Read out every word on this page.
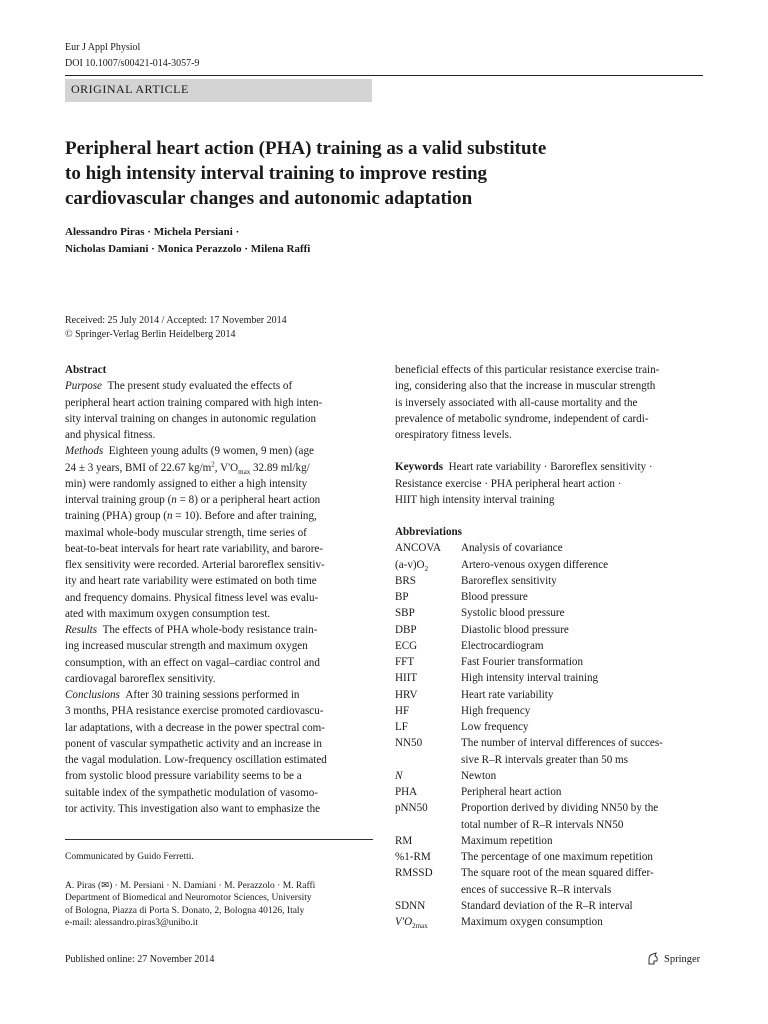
Eur J Appl Physiol
DOI 10.1007/s00421-014-3057-9
ORIGINAL ARTICLE
Peripheral heart action (PHA) training as a valid substitute
to high intensity interval training to improve resting
cardiovascular changes and autonomic adaptation
Alessandro Piras · Michela Persiani ·
Nicholas Damiani · Monica Perazzolo · Milena Raffi
Received: 25 July 2014 / Accepted: 17 November 2014
© Springer-Verlag Berlin Heidelberg 2014
Abstract
Purpose The present study evaluated the effects of
peripheral heart action training compared with high inten-
sity interval training on changes in autonomic regulation
and physical fitness.
Methods Eighteen young adults (9 women, 9 men) (age
24 ± 3 years, BMI of 22.67 $kg/m^2$, $V'O_{max}$ 32.89 ml/kg/
min) were randomly assigned to either a high intensity
interval training group (n = 8) or a peripheral heart action
training (PHA) group (n = 10). Before and after training,
maximal whole-body muscular strength, time series of
beat-to-beat intervals for heart rate variability, and barore-
flex sensitivity were recorded. Arterial baroreflex sensitiv-
ity and heart rate variability were estimated on both time
and frequency domains. Physical fitness level was evalu-
ated with maximum oxygen consumption test.
Results The effects of PHA whole-body resistance train-
ing increased muscular strength and maximum oxygen
consumption, with an effect on vagal–cardiac control and
cardiovagal baroreflex sensitivity.
Conclusions After 30 training sessions performed in
3 months, PHA resistance exercise promoted cardiovascu-
lar adaptations, with a decrease in the power spectral com-
ponent of vascular sympathetic activity and an increase in
the vagal modulation. Low-frequency oscillation estimated
from systolic blood pressure variability seems to be a
suitable index of the sympathetic modulation of vasomo-
tor activity. This investigation also want to emphasize the
Communicated by Guido Ferretti.
A. Piras (✉) · M. Persiani · N. Damiani · M. Perazzolo · M. Raffi
Department of Biomedical and Neuromotor Sciences, University
of Bologna, Piazza di Porta S. Donato, 2, Bologna 40126, Italy
e-mail: alessandro.piras3@unibo.it
beneficial effects of this particular resistance exercise train-
ing, considering also that the increase in muscular strength
is inversely associated with all-cause mortality and the
prevalence of metabolic syndrome, independent of cardi-
orespiratory fitness levels.
Keywords Heart rate variability · Baroreflex sensitivity ·
Resistance exercise · PHA peripheral heart action ·
HIIT high intensity interval training
Abbreviations
ANCOVA	Analysis of covariance
$(a-v)O_2$	Artero-venous oxygen difference
BRS	Baroreflex sensitivity
BP	Blood pressure
SBP	Systolic blood pressure
DBP	Diastolic blood pressure
ECG	Electrocardiogram
FFT	Fast Fourier transformation
HIIT	High intensity interval training
HRV	Heart rate variability
HF	High frequency
LF	Low frequency
NN50	The number of interval differences of succes-
sive R–R intervals greater than 50 ms
N	Newton
PHA	Peripheral heart action
pNN50	Proportion derived by dividing NN50 by the
total number of R–R intervals NN50
RM	Maximum repetition
%1-RM	The percentage of one maximum repetition
RMSSD	The square root of the mean squared differ-
ences of successive R–R intervals
SDNN	Standard deviation of the R–R interval
$V'O_{2max}$	Maximum oxygen consumption
Published online: 27 November 2014	Springer
